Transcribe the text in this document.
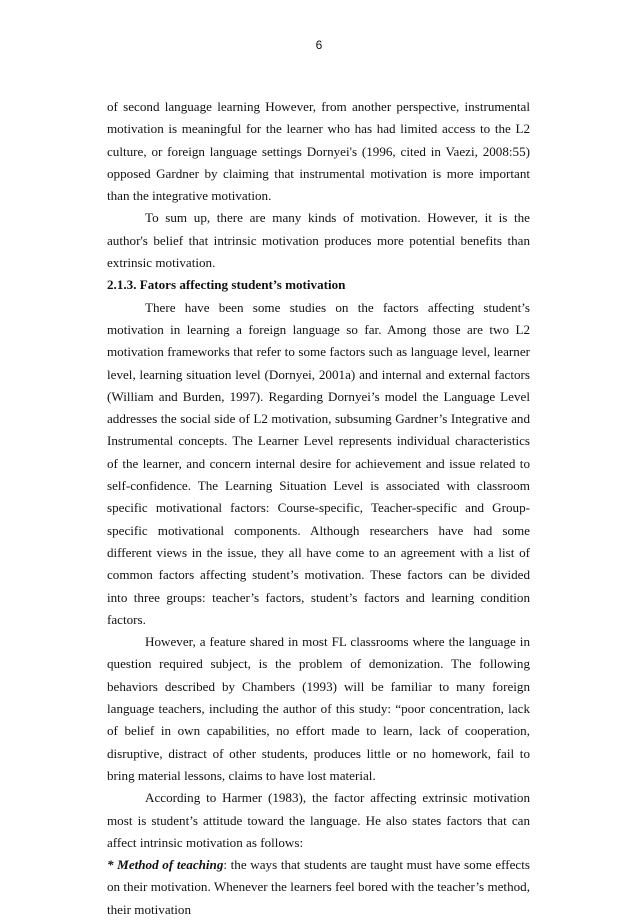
6

of second language learning However, from another perspective, instrumental motivation is meaningful for the learner who has had limited access to the L2 culture, or foreign language settings Dornyei's (1996, cited in Vaezi, 2008:55) opposed Gardner by claiming that instrumental motivation is more important than the integrative motivation.

To sum up, there are many kinds of motivation. However, it is the author's belief that intrinsic motivation produces more potential benefits than extrinsic motivation.

2.1.3. Fators affecting student’s motivation

There have been some studies on the factors affecting student’s motivation in learning a foreign language so far. Among those are two L2 motivation frameworks that refer to some factors such as language level, learner level, learning situation level (Dornyei, 2001a) and internal and external factors (William and Burden, 1997). Regarding Dornyei’s model the Language Level addresses the social side of L2 motivation, subsuming Gardner’s Integrative and Instrumental concepts. The Learner Level represents individual characteristics of the learner, and concern internal desire for achievement and issue related to self-confidence. The Learning Situation Level is associated with classroom specific motivational factors: Course-specific, Teacher-specific and Group-specific motivational components. Although researchers have had some different views in the issue, they all have come to an agreement with a list of common factors affecting student’s motivation. These factors can be divided into three groups: teacher’s factors, student’s factors and learning condition factors.

However, a feature shared in most FL classrooms where the language in question required subject, is the problem of demonization. The following behaviors described by Chambers (1993) will be familiar to many foreign language teachers, including the author of this study: “poor concentration, lack of belief in own capabilities, no effort made to learn, lack of cooperation, disruptive, distract of other students, produces little or no homework, fail to bring material lessons, claims to have lost material.

According to Harmer (1983), the factor affecting extrinsic motivation most is student’s attitude toward the language. He also states factors that can affect intrinsic motivation as follows:

* Method of teaching: the ways that students are taught must have some effects on their motivation. Whenever the learners feel bored with the teacher’s method, their motivation
